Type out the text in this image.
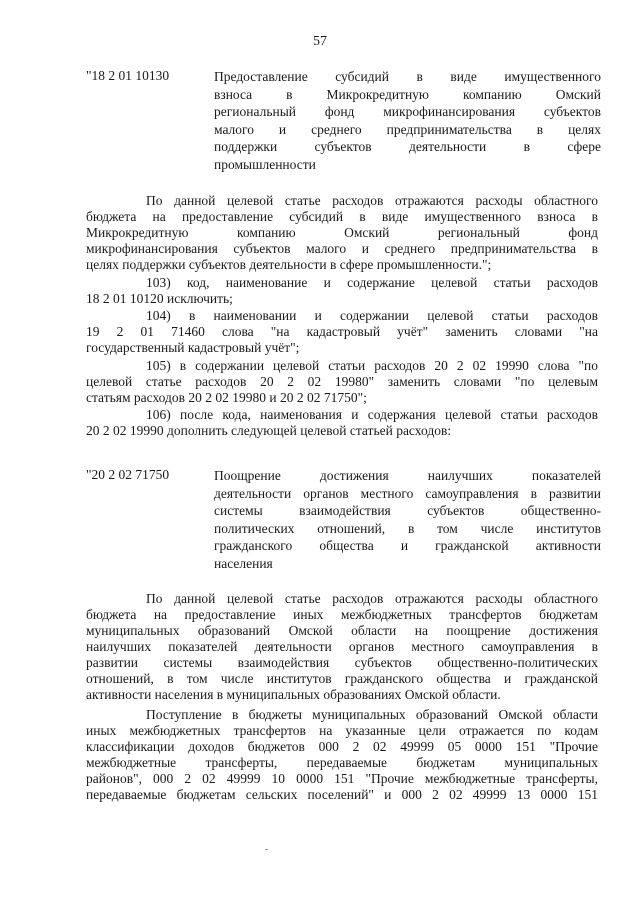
57
"18 2 01 10130	Предоставление субсидий в виде имущественного
взноса в Микрокредитную компанию Омский
региональный фонд микрофинансирования субъектов
малого и среднего предпринимательства в целях
поддержки субъектов деятельности в сфере
промышленности
По данной целевой статье расходов отражаются расходы областного
бюджета на предоставление субсидий в виде имущественного взноса в
Микрокредитную компанию Омский региональный фонд
микрофинансирования субъектов малого и среднего предпринимательства в
целях поддержки субъектов деятельности в сфере промышленности.";
103) код, наименование и содержание целевой статьи расходов
18 2 01 10120 исключить;
104) в наименовании и содержании целевой статьи расходов
19 2 01 71460 слова "на кадастровый учёт" заменить словами "на
государственный кадастровый учёт";
105) в содержании целевой статьи расходов 20 2 02 19990 слова "по
целевой статье расходов 20 2 02 19980" заменить словами "по целевым
статьям расходов 20 2 02 19980 и 20 2 02 71750";
106) после кода, наименования и содержания целевой статьи расходов
20 2 02 19990 дополнить следующей целевой статьей расходов:
"20 2 02 71750	Поощрение достижения наилучших показателей
деятельности органов местного самоуправления в развитии
системы взаимодействия субъектов общественно-
политических отношений, в том числе институтов
гражданского общества и гражданской активности
населения
По данной целевой статье расходов отражаются расходы областного
бюджета на предоставление иных межбюджетных трансфертов бюджетам
муниципальных образований Омской области на поощрение достижения
наилучших показателей деятельности органов местного самоуправления в
развитии системы взаимодействия субъектов общественно-политических
отношений, в том числе институтов гражданского общества и гражданской
активности населения в муниципальных образованиях Омской области.
Поступление в бюджеты муниципальных образований Омской области
иных межбюджетных трансфертов на указанные цели отражается по кодам
классификации доходов бюджетов 000 2 02 49999 05 0000 151 "Прочие
межбюджетные трансферты, передаваемые бюджетам муниципальных
районов", 000 2 02 49999 10 0000 151 "Прочие межбюджетные трансферты,
передаваемые бюджетам сельских поселений" и 000 2 02 49999 13 0000 151
